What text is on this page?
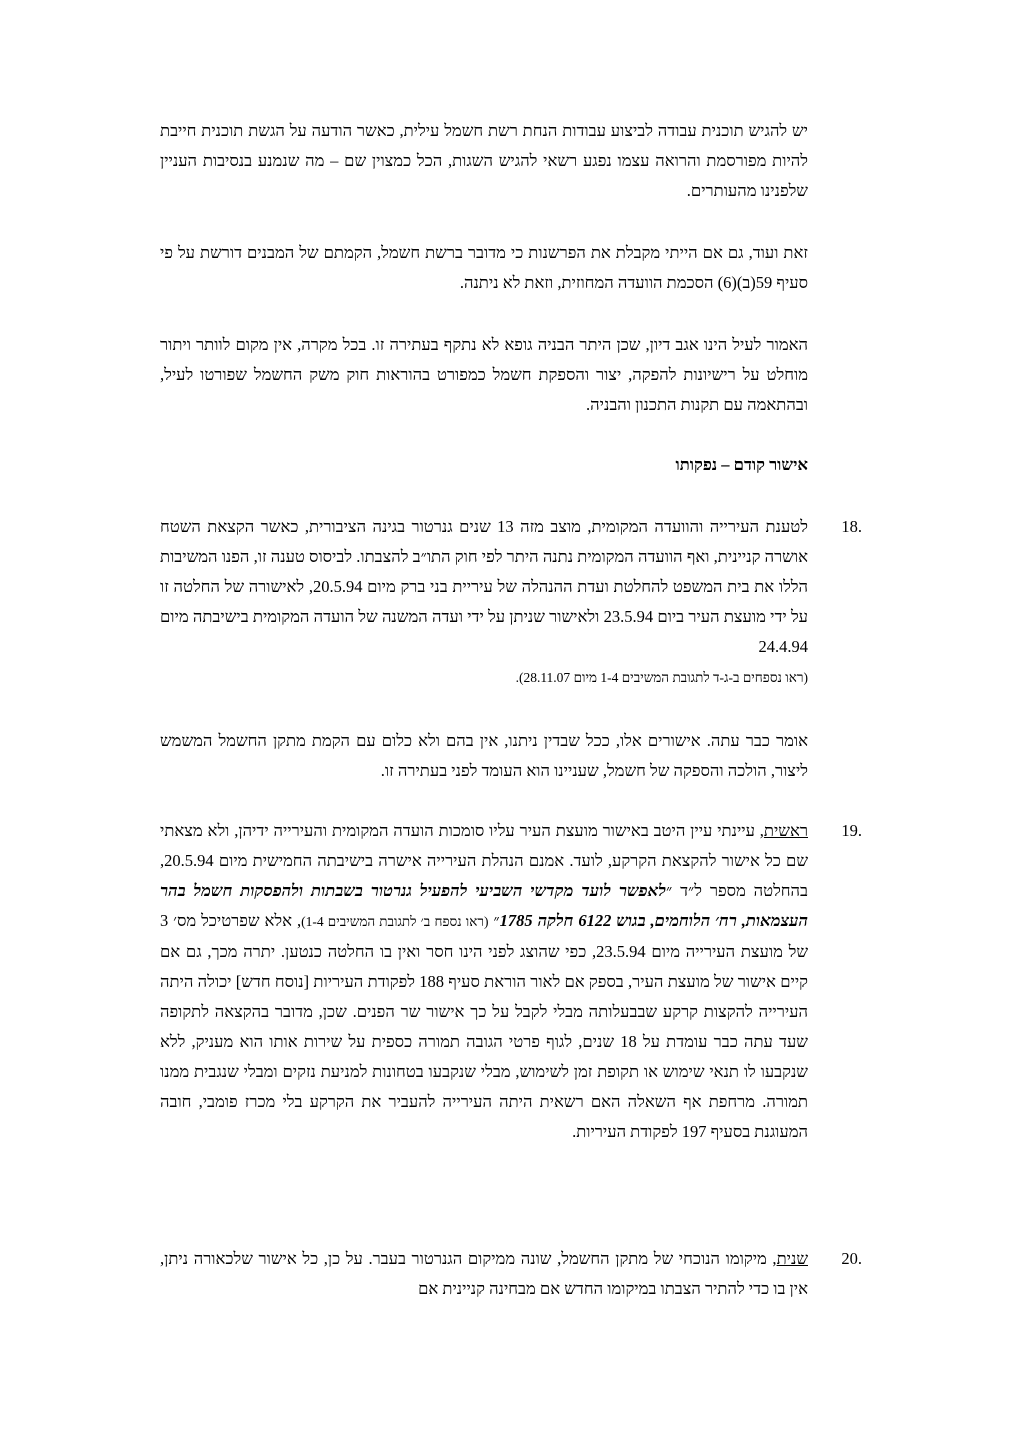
יש להגיש תוכנית עבודה לביצוע עבודות הנחת רשת חשמל עילית, כאשר הודעה על הגשת תוכנית חייבת להיות מפורסמת והרואה עצמו נפגע רשאי להגיש השגות, הכל כמצוין שם – מה שנמנע בנסיבות העניין שלפנינו מהעותרים.
זאת ועוד, גם אם הייתי מקבלת את הפרשנות כי מדובר ברשת חשמל, הקמתם של המבנים דורשת על פי סעיף 59(ב)(6) הסכמת הוועדה המחוזית, וזאת לא ניתנה.
האמור לעיל הינו אגב דיון, שכן היתר הבניה גופא לא נתקף בעתירה זו. בכל מקרה, אין מקום לוותר ויתור מוחלט על רישיונות להפקה, יצור והספקת חשמל כמפורט בהוראות חוק משק החשמל שפורטו לעיל, ובהתאמה עם תקנות התכנון והבניה.
אישור קודם – נפקותו
.18
לטענת העירייה והוועדה המקומית, מוצב מזה 13 שנים גנרטור בגינה הציבורית, כאשר הקצאת השטח אושרה קניינית, ואף הוועדה המקומית נתנה היתר לפי חוק התו״ב להצבתו. לביסוס טענה זו, הפנו המשיבות הללו את בית המשפט להחלטת ועדת ההנהלה של עיריית בני ברק מיום 20.5.94, לאישורה של החלטה זו על ידי מועצת העיר ביום 23.5.94 ולאישור שניתן על ידי ועדה המשנה של הועדה המקומית בישיבתה מיום 24.4.94
(ראו נספחים ב-ג-ד לתגובת המשיבים 1-4 מיום 28.11.07).
אומר כבר עתה. אישורים אלו, ככל שבדין ניתנו, אין בהם ולא כלום עם הקמת מתקן החשמל המשמש ליצור, הולכה והספקה של חשמל, שעניינו הוא העומד לפני בעתירה זו.
.19
ראשית, עיינתי עיין היטב באישור מועצת העיר עליו סומכות הועדה המקומית והעירייה ידיהן, ולא מצאתי שם כל אישור להקצאת הקרקע, לועד. אמנם הנהלת העירייה אישרה בישיבתה החמישית מיום 20.5.94, בהחלטה מספר ל״ד ״לאפשר לועד מקדשי השביעי להפעיל גנרטור בשבתות ולהפסקות חשמל בהר העצמאות, רח׳ הלוחמים, בגוש 6122 חלקה 1785״ (ראו נספח ב׳ לתגובת המשיבים 1-4), אלא שפרטיכל מס׳ 3 של מועצת העירייה מיום 23.5.94, כפי שהוצג לפני הינו חסר ואין בו החלטה כנטען. יתרה מכך, גם אם קיים אישור של מועצת העיר, בספק אם לאור הוראת סעיף 188 לפקודת העיריות [נוסח חדש] יכולה היתה העירייה להקצות קרקע שבבעלותה מבלי לקבל על כך אישור שר הפנים. שכן, מדובר בהקצאה לתקופה שעד עתה כבר עומדת על 18 שנים, לגוף פרטי הגובה תמורה כספית על שירות אותו הוא מעניק, ללא שנקבעו לו תנאי שימוש או תקופת זמן לשימוש, מבלי שנקבעו בטחונות למניעת נזקים ומבלי שנגבית ממנו תמורה. מרחפת אף השאלה האם רשאית היתה העירייה להעביר את הקרקע בלי מכרז פומבי, חובה המעוגנת בסעיף 197 לפקודת העיריות.
.20
שנית, מיקומו הנוכחי של מתקן החשמל, שונה ממיקום הגנרטור בעבר. על כן, כל אישור שלכאורה ניתן, אין בו כדי להתיר הצבתו במיקומו החדש אם מבחינה קניינית אם
